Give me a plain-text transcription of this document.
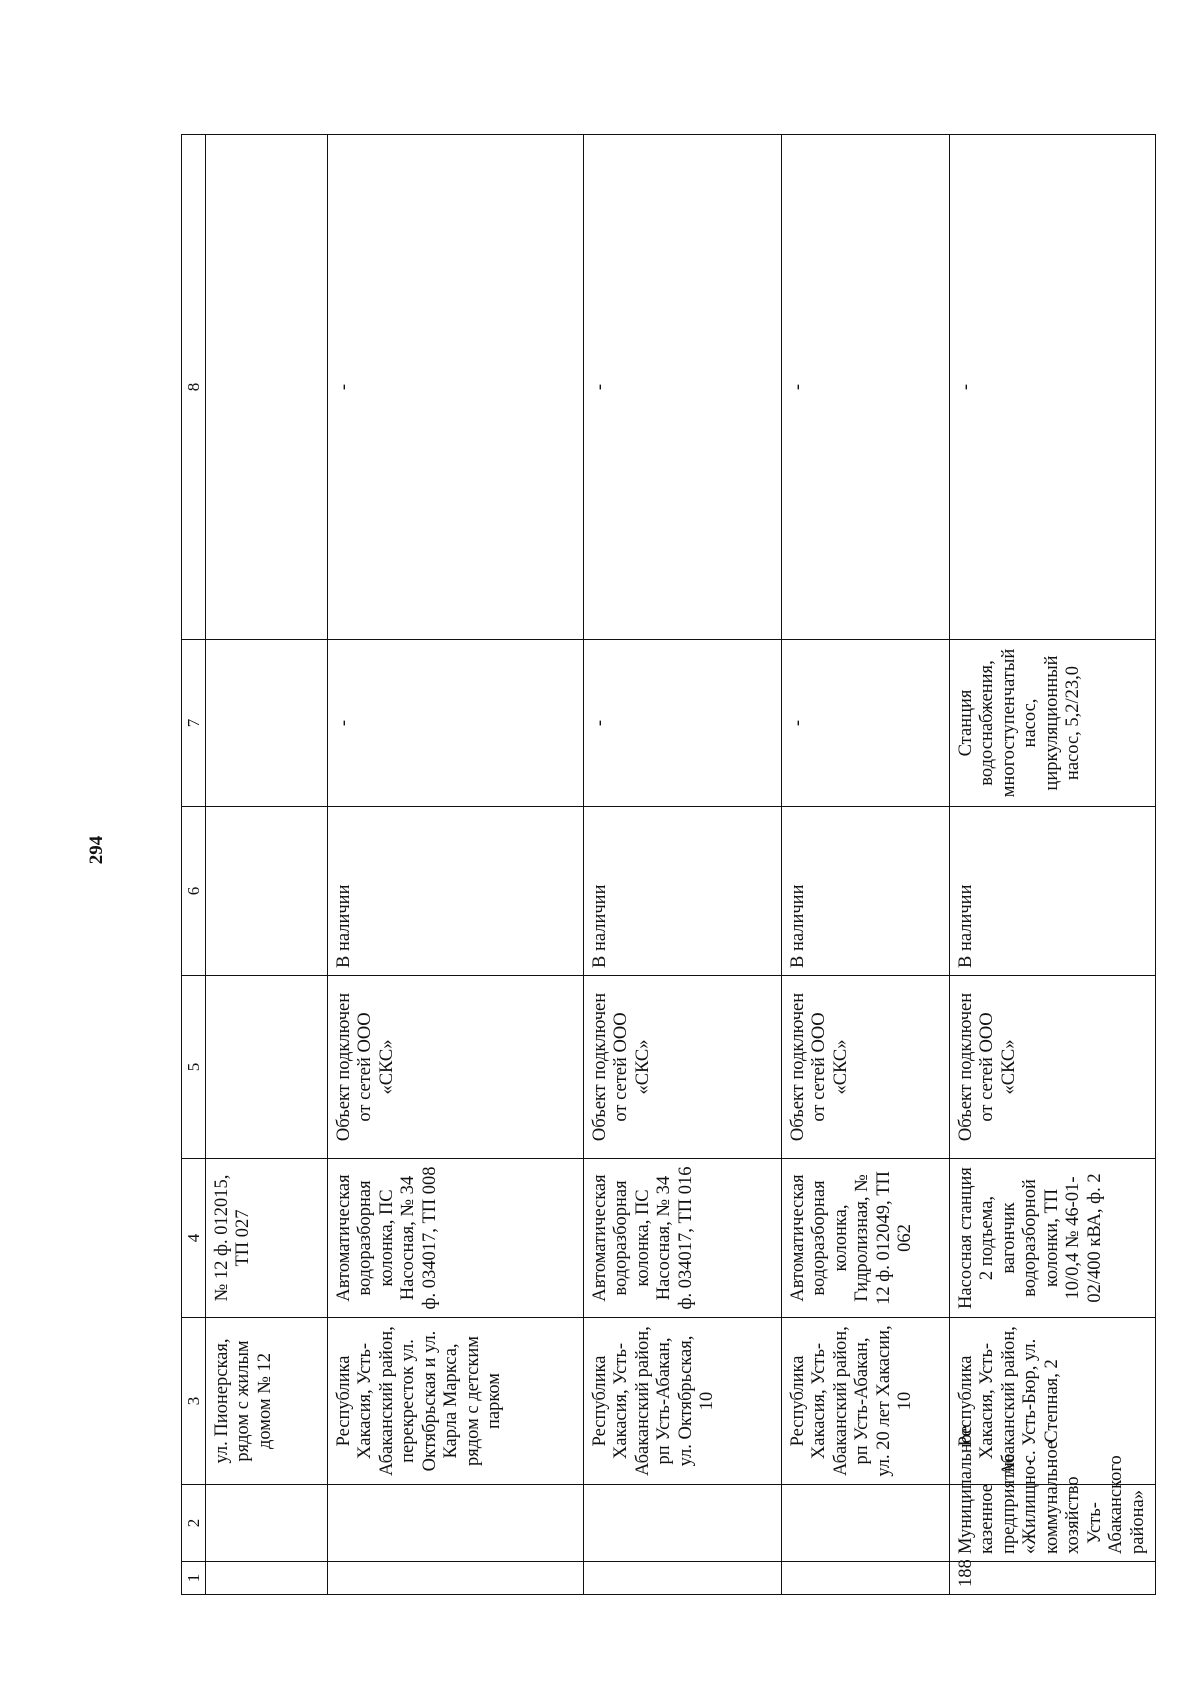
294
1	2	3	4	5	6	7	8
		ул. Пионерская, рядом с жилым домом № 12	№ 12 ф. 012015, ТП 027				
		Республика Хакасия, Усть-Абаканский район, перекресток ул. Октябрьская и ул. Карла Маркса, рядом с детским парком	Автоматическая водоразборная колонка, ПС Насосная, № 34 ф. 034017, ТП 008	Объект подключен от сетей ООО «СКС»	В наличии	-	-
		Республика Хакасия, Усть-Абаканский район, рп Усть-Абакан, ул. Октябрьская, 10	Автоматическая водоразборная колонка, ПС Насосная, № 34 ф. 034017, ТП 016	Объект подключен от сетей ООО «СКС»	В наличии	-	-
		Республика Хакасия, Усть-Абаканский район, рп Усть-Абакан, ул. 20 лет Хакасии, 10	Автоматическая водоразборная колонка, Гидролизная, № 12 ф. 012049, ТП 062	Объект подключен от сетей ООО «СКС»	В наличии	-	-
188	Муниципальное казенное предприятие «Жилищно-коммунальное хозяйство Усть-Абаканского района»	Республика Хакасия, Усть-Абаканский район, с. Усть-Бюр, ул. Степная, 2	Насосная станция 2 подъема, вагончик водоразборной колонки, ТП 10/0,4 № 46-01-02/400 кВА, ф. 2	Объект подключен от сетей ООО «СКС»	В наличии	Станция водоснабжения, многоступенчатый насос, циркуляционный насос, 5,2/23,0	-
